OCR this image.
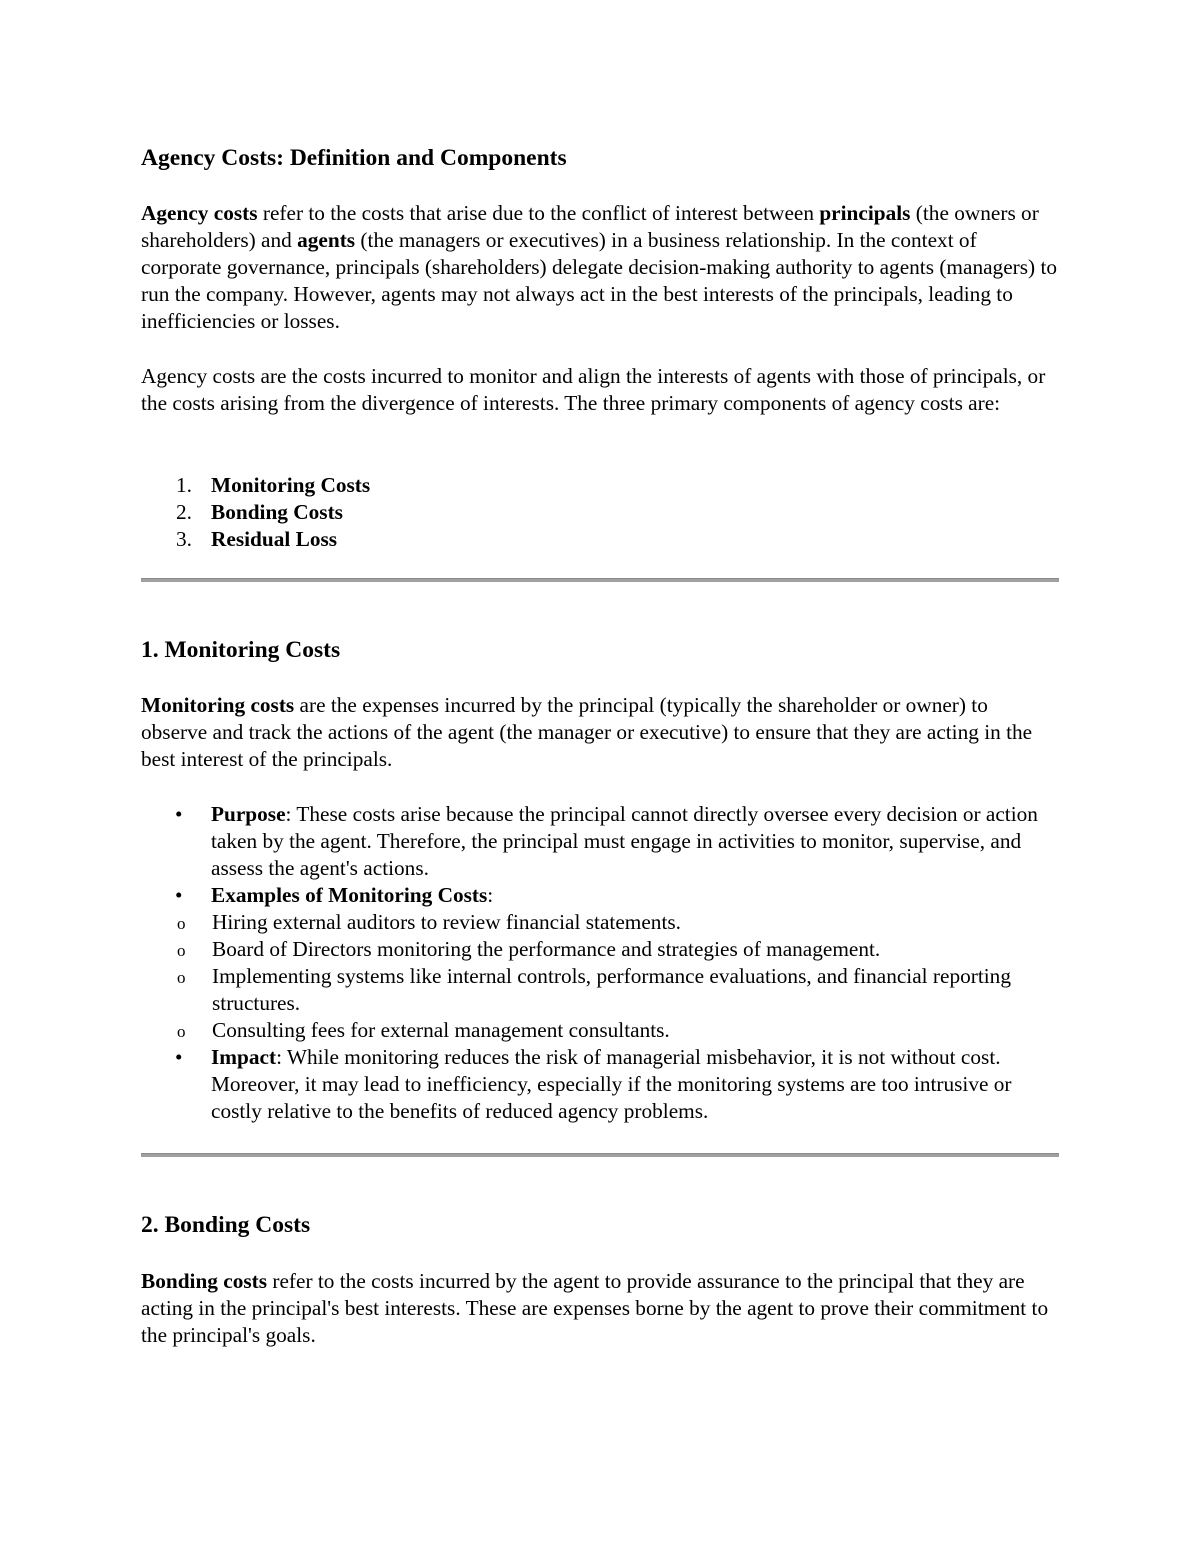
Agency Costs: Definition and Components

Agency costs refer to the costs that arise due to the conflict of interest between principals (the owners or shareholders) and agents (the managers or executives) in a business relationship. In the context of corporate governance, principals (shareholders) delegate decision-making authority to agents (managers) to run the company. However, agents may not always act in the best interests of the principals, leading to inefficiencies or losses.

Agency costs are the costs incurred to monitor and align the interests of agents with those of principals, or the costs arising from the divergence of interests. The three primary components of agency costs are:

1. Monitoring Costs
2. Bonding Costs
3. Residual Loss
1. Monitoring Costs

Monitoring costs are the expenses incurred by the principal (typically the shareholder or owner) to observe and track the actions of the agent (the manager or executive) to ensure that they are acting in the best interest of the principals.

• Purpose: These costs arise because the principal cannot directly oversee every decision or action taken by the agent. Therefore, the principal must engage in activities to monitor, supervise, and assess the agent's actions.
• Examples of Monitoring Costs:
o Hiring external auditors to review financial statements.
o Board of Directors monitoring the performance and strategies of management.
o Implementing systems like internal controls, performance evaluations, and financial reporting structures.
o Consulting fees for external management consultants.
• Impact: While monitoring reduces the risk of managerial misbehavior, it is not without cost. Moreover, it may lead to inefficiency, especially if the monitoring systems are too intrusive or costly relative to the benefits of reduced agency problems.
2. Bonding Costs

Bonding costs refer to the costs incurred by the agent to provide assurance to the principal that they are acting in the principal's best interests. These are expenses borne by the agent to prove their commitment to the principal's goals.
